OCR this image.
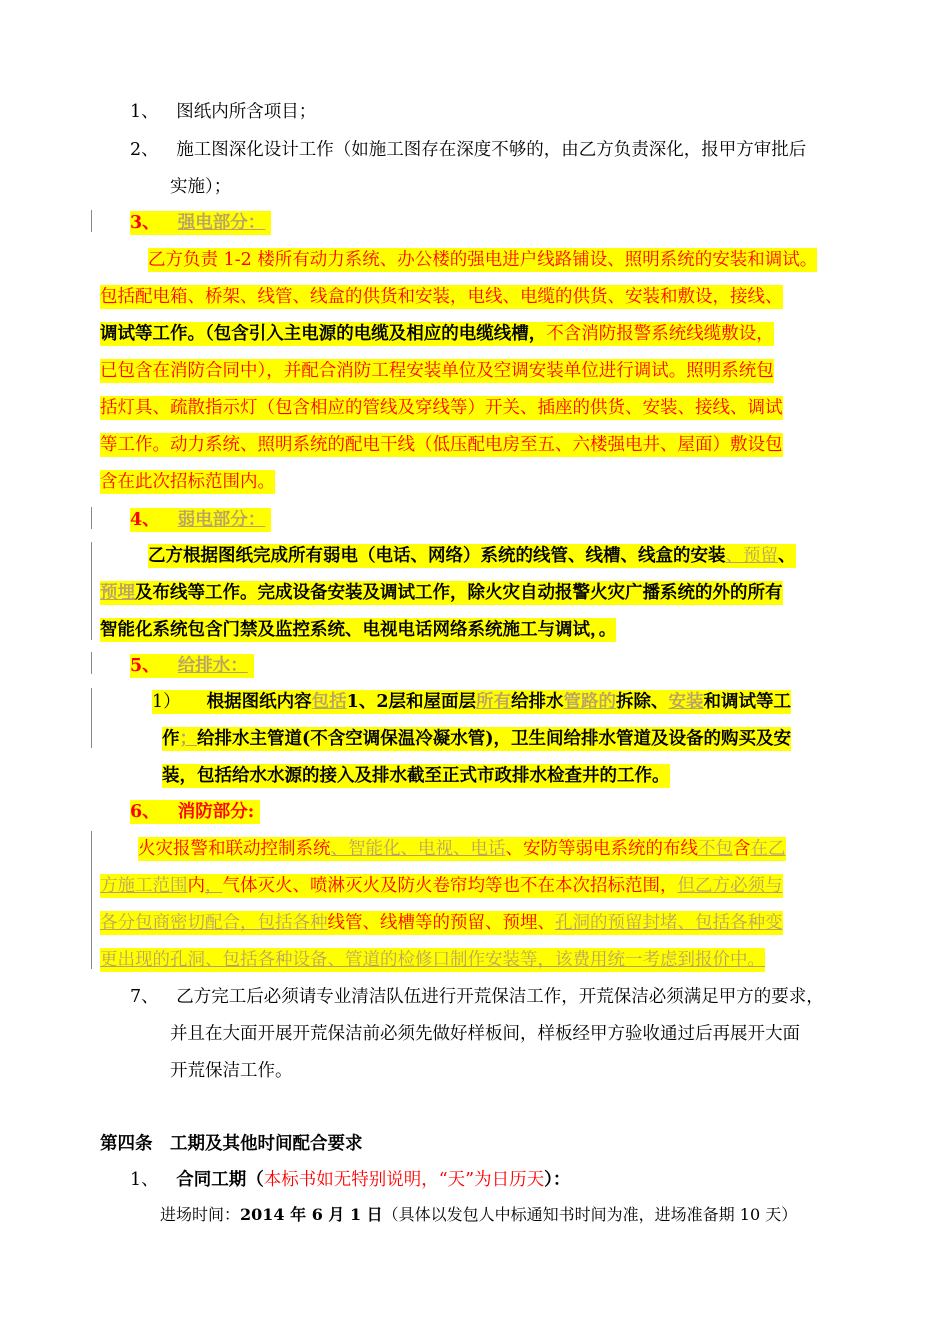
1、 图纸内所含项目；
2、 施工图深化设计工作（如施工图存在深度不够的，由乙方负责深化，报甲方审批后
实施）；
3、 强电部分：
乙方负责 1-2 楼所有动力系统、办公楼的强电进户线路铺设、照明系统的安装和调试。
包括配电箱、桥架、线管、线盒的供货和安装，电线、电缆的供货、安装和敷设，接线、
调试等工作。（包含引入主电源的电缆及相应的电缆线槽，不含消防报警系统线缆敷设，
已包含在消防合同中），并配合消防工程安装单位及空调安装单位进行调试。照明系统包
括灯具、疏散指示灯（包含相应的管线及穿线等）开关、插座的供货、安装、接线、调试
等工作。动力系统、照明系统的配电干线（低压配电房至五、六楼强电井、屋面）敷设包
含在此次招标范围内。
4、 弱电部分：
乙方根据图纸完成所有弱电（电话、网络）系统的线管、线槽、线盒的安装、预留、
预埋及布线等工作。完成设备安装及调试工作，除火灾自动报警火灾广播系统的外的所有
智能化系统包含门禁及监控系统、电视电话网络系统施工与调试，。
5、 给排水：
1） 根据图纸内容包括1、2层和屋面层所有给排水管路的拆除、安装和调试等工
作；给排水主管道(不含空调保温冷凝水管)，卫生间给排水管道及设备的购买及安
装，包括给水水源的接入及排水截至正式市政排水检查井的工作。
6、 消防部分:
火灾报警和联动控制系统、智能化、电视、电话、安防等弱电系统的布线不包含在乙
方施工范围内，气体灭火、喷淋灭火及防火卷帘均等也不在本次招标范围，但乙方必须与
各分包商密切配合，包括各种线管、线槽等的预留、预埋、孔洞的预留封堵、包括各种变
更出现的孔洞、包括各种设备、管道的检修口制作安装等，该费用统一考虑到报价中。
7、 乙方完工后必须请专业清洁队伍进行开荒保洁工作，开荒保洁必须满足甲方的要求，
并且在大面开展开荒保洁前必须先做好样板间，样板经甲方验收通过后再展开大面
开荒保洁工作。
第四条　工期及其他时间配合要求
1、 合同工期（本标书如无特别说明，“天”为日历天）：
进场时间：2014 年 6 月 1 日（具体以发包人中标通知书时间为准，进场准备期 10 天）
